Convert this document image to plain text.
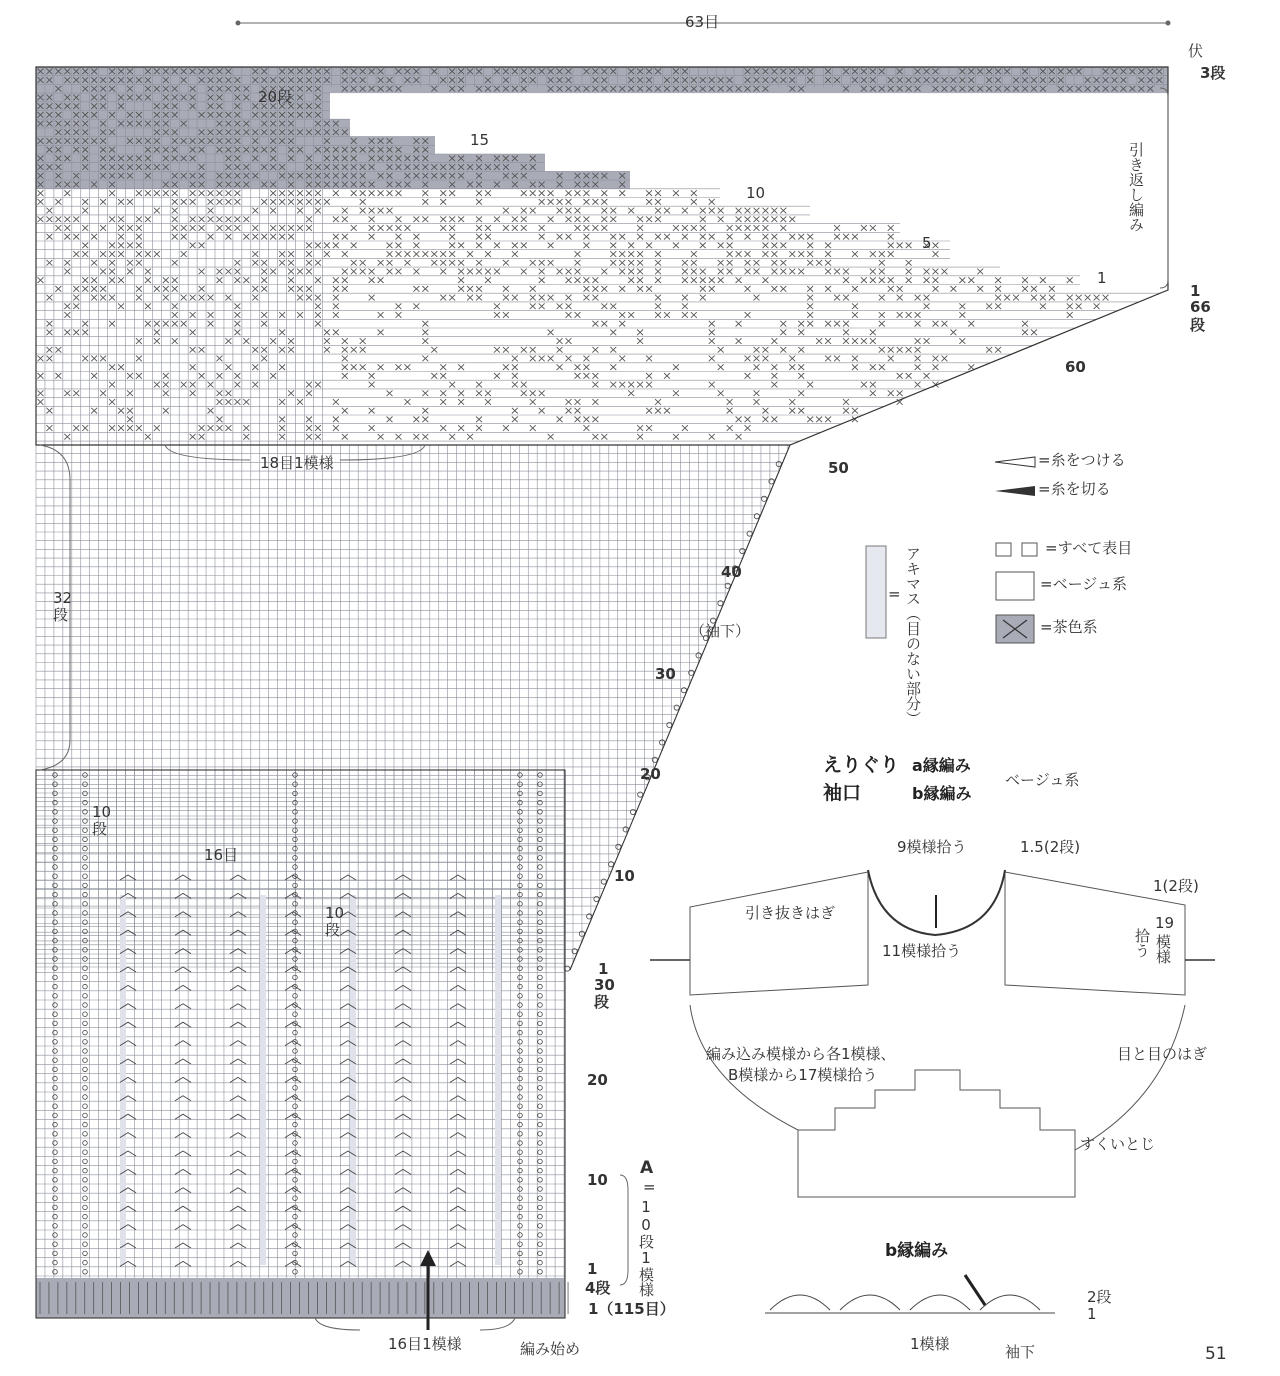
63目
伏
3段
20段
15
10
5
1
1
66
段
60
50
40
30
20
10
1
30
段
20
10
1
4段
1（115目）
引き返し編み
18目1模様
32
段
10
段
16目
10
段
（袖下）
A
=
10段1模様
16目1模様	編み始め
=糸をつける
=糸を切る
=すべて表目
=ベージュ系
=茶色系
= アキマス（目のない部分）
えりぐり a縁編み
袖口	b縁編み
ベージュ系
9模様拾う	1.5(2段)
引き抜きはぎ
11模様拾う
1(2段)
19
模様
拾う
編み込み模様から各1模様、
B模様から17模様拾う
目と目のはぎ
すくいとじ
b縁編み
2段
1
1模様	袖下	51
